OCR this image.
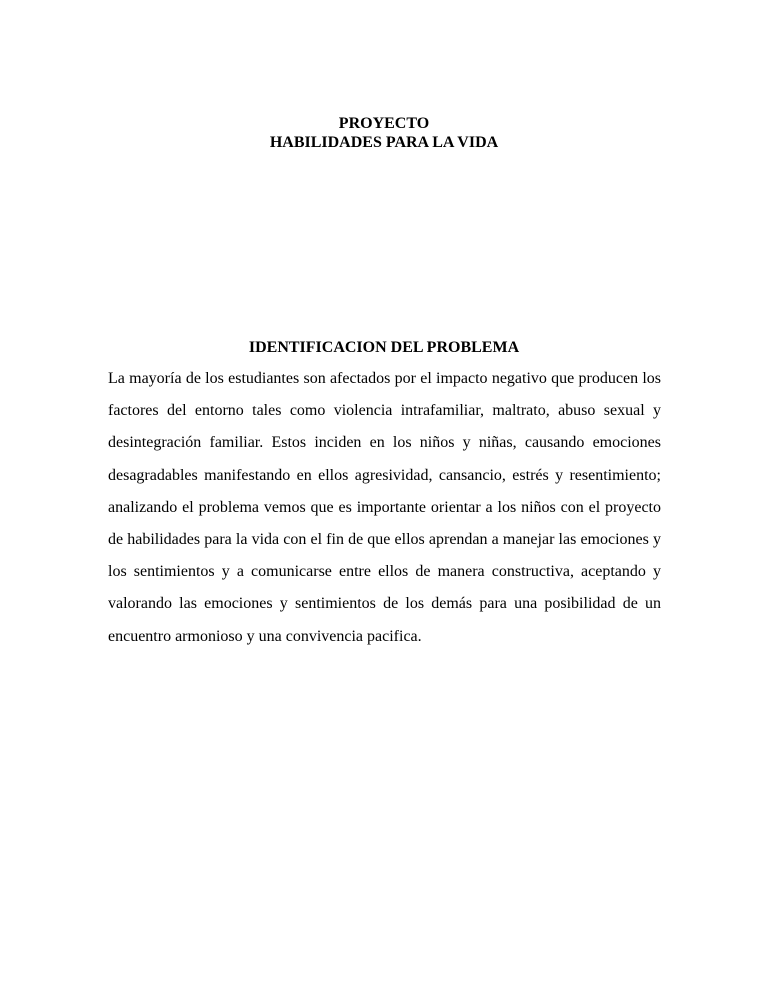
PROYECTO
HABILIDADES PARA LA VIDA
IDENTIFICACION DEL PROBLEMA

La mayoría de los estudiantes son afectados por el impacto negativo que producen los factores del entorno tales como violencia intrafamiliar, maltrato, abuso sexual y desintegración familiar. Estos inciden en los niños y niñas, causando emociones desagradables manifestando en ellos agresividad, cansancio, estrés y resentimiento; analizando el problema vemos que es importante orientar a los niños con el proyecto de habilidades para la vida con el fin de que ellos aprendan a manejar las emociones y los sentimientos y a comunicarse entre ellos de manera constructiva, aceptando y valorando las emociones y sentimientos de los demás para una posibilidad de un encuentro armonioso y una convivencia pacifica.
